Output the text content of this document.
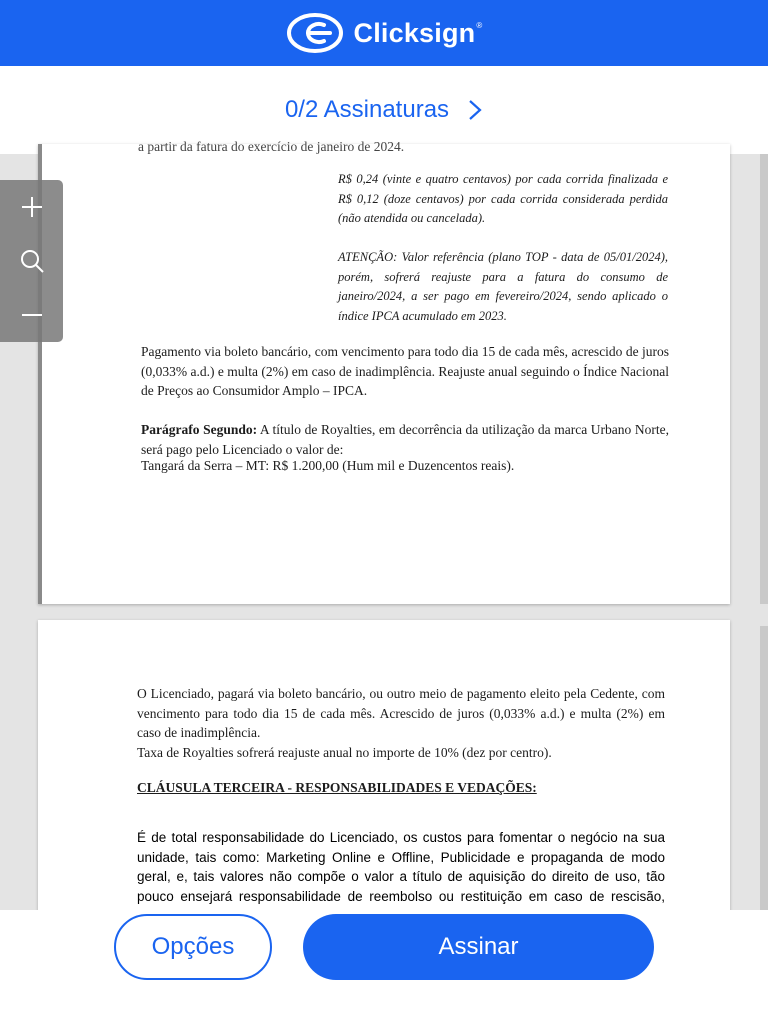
Clicksign®
0/2 Assinaturas
a partir da fatura do exercício de janeiro de 2024.
R$ 0,24 (vinte e quatro centavos) por cada corrida finalizada e R$ 0,12 (doze centavos) por cada corrida considerada perdida (não atendida ou cancelada).
ATENÇÃO: Valor referência (plano TOP - data de 05/01/2024), porém, sofrerá reajuste para a fatura do consumo de janeiro/2024, a ser pago em fevereiro/2024, sendo aplicado o índice IPCA acumulado em 2023.
Pagamento via boleto bancário, com vencimento para todo dia 15 de cada mês, acrescido de juros (0,033% a.d.) e multa (2%) em caso de inadimplência. Reajuste anual seguindo o Índice Nacional de Preços ao Consumidor Amplo – IPCA.
Parágrafo Segundo: A título de Royalties, em decorrência da utilização da marca Urbano Norte, será pago pelo Licenciado o valor de:
Tangará da Serra – MT: R$ 1.200,00 (Hum mil e Duzencentos reais).
O Licenciado, pagará via boleto bancário, ou outro meio de pagamento eleito pela Cedente, com vencimento para todo dia 15 de cada mês. Acrescido de juros (0,033% a.d.) e multa (2%) em caso de inadimplência.
Taxa de Royalties sofrerá reajuste anual no importe de 10% (dez por centro).
CLÁUSULA TERCEIRA - RESPONSABILIDADES E VEDAÇÕES:
É de total responsabilidade do Licenciado, os custos para fomentar o negócio na sua unidade, tais como: Marketing Online e Offline, Publicidade e propaganda de modo geral, e, tais valores não compõe o valor a título de aquisição do direito de uso, tão pouco ensejará responsabilidade de reembolso ou restituição em caso de rescisão,
Opções	Assinar
